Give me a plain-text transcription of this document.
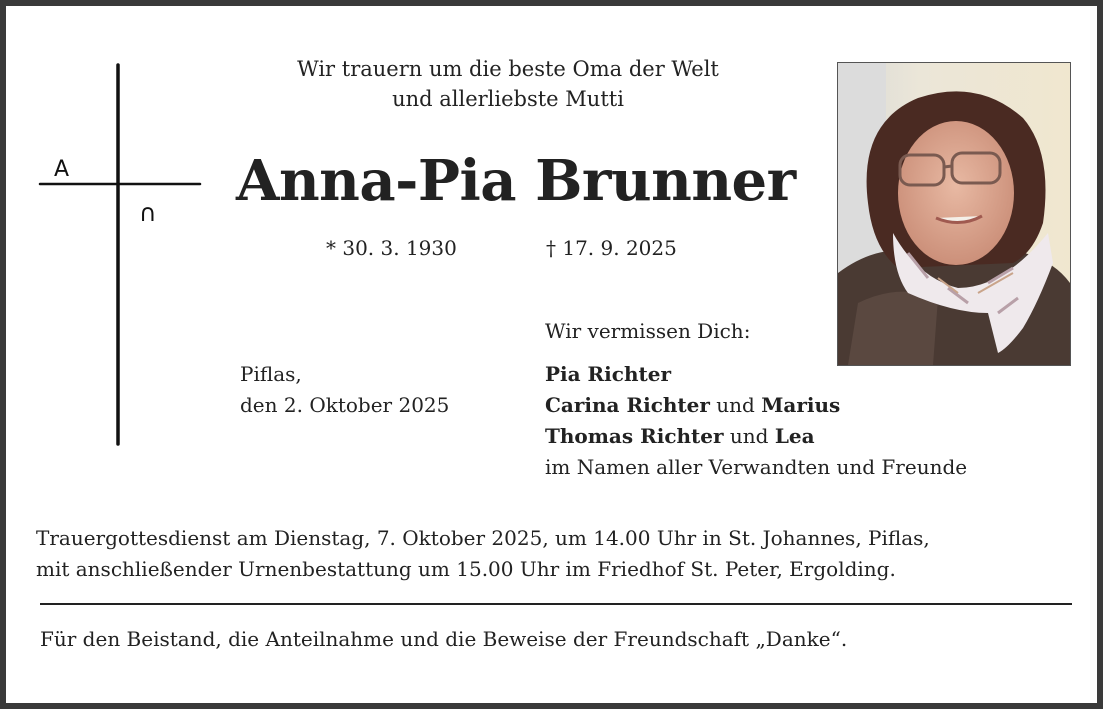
A
∩
Wir trauern um die beste Oma der Welt
und allerliebste Mutti
Anna-Pia Brunner
* 30. 3. 1930	† 17. 9. 2025
Wir vermissen Dich:
Piflas,
den 2. Oktober 2025
Pia Richter
Carina Richter und Marius
Thomas Richter und Lea
im Namen aller Verwandten und Freunde
Trauergottesdienst am Dienstag, 7. Oktober 2025, um 14.00 Uhr in St. Johannes, Piflas,
mit anschließender Urnenbestattung um 15.00 Uhr im Friedhof St. Peter, Ergolding.
Für den Beistand, die Anteilnahme und die Beweise der Freundschaft „Danke“.
